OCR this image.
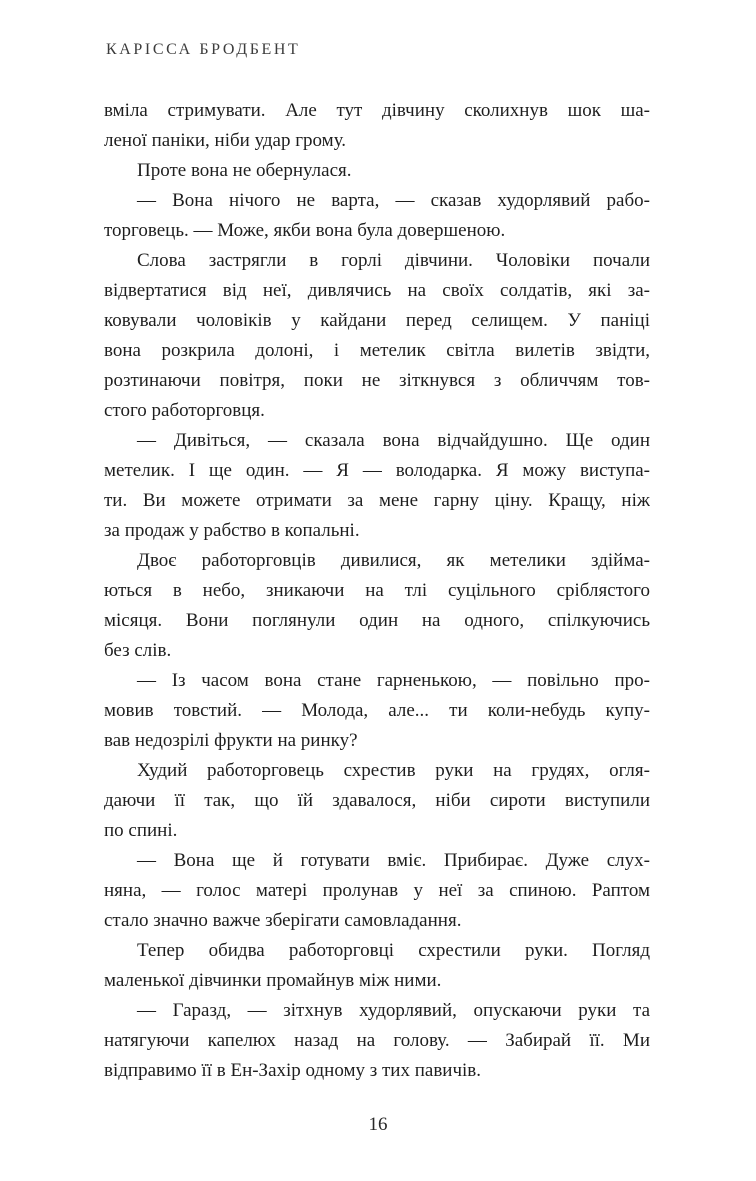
КАРІССА БРОДБЕНТ
вміла стримувати. Але тут дівчину сколихнув шок ша-
леної паніки, ніби удар грому.
Проте вона не обернулася.
— Вона нічого не варта, — сказав худорлявий рабо-
торговець. — Може, якби вона була довершеною.
Слова застрягли в горлі дівчини. Чоловіки почали
відвертатися від неї, дивлячись на своїх солдатів, які за-
ковували чоловіків у кайдани перед селищем. У паніці
вона розкрила долоні, і метелик світла вилетів звідти,
розтинаючи повітря, поки не зіткнувся з обличчям тов-
стого работорговця.
— Дивіться, — сказала вона відчайдушно. Ще один
метелик. І ще один. — Я — володарка. Я можу виступа-
ти. Ви можете отримати за мене гарну ціну. Кращу, ніж
за продаж у рабство в копальні.
Двоє работорговців дивилися, як метелики здійма-
ються в небо, зникаючи на тлі суцільного сріблястого
місяця. Вони поглянули один на одного, спілкуючись
без слів.
— Із часом вона стане гарненькою, — повільно про-
мовив товстий. — Молода, але... ти коли-небудь купу-
вав недозрілі фрукти на ринку?
Худий работорговець схрестив руки на грудях, огля-
даючи її так, що їй здавалося, ніби сироти виступили
по спині.
— Вона ще й готувати вміє. Прибирає. Дуже слух-
няна, — голос матері пролунав у неї за спиною. Раптом
стало значно важче зберігати самовладання.
Тепер обидва работорговці схрестили руки. Погляд
маленької дівчинки промайнув між ними.
— Гаразд, — зітхнув худорлявий, опускаючи руки та
натягуючи капелюх назад на голову. — Забирай її. Ми
відправимо її в Ен-Захір одному з тих павичів.
16
